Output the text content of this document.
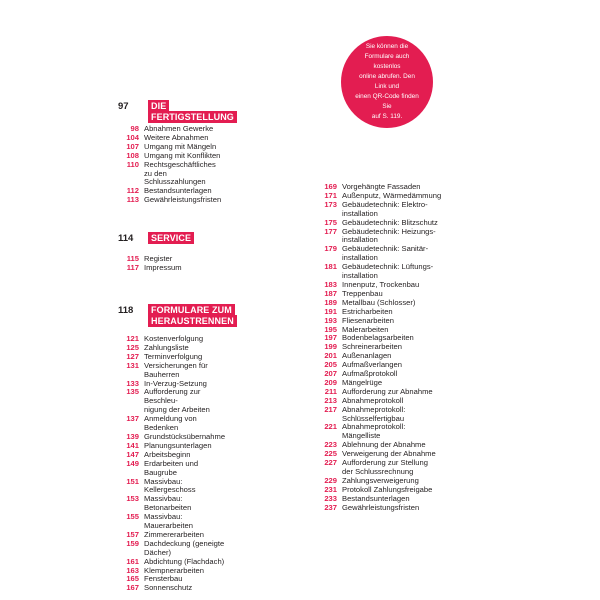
Sie können die
Formulare auch kostenlos
online abrufen. Den Link und
einen QR-Code finden Sie
auf S. 119.
97	DIE FERTIGSTELLUNG
98 Abnahmen Gewerke
104 Weitere Abnahmen
107 Umgang mit Mängeln
108 Umgang mit Konflikten
110 Rechtsgeschäftliches zu den
Schlusszahlungen
112 Bestandsunterlagen
113 Gewährleistungsfristen
114	SERVICE
115 Register
117 Impressum
118	FORMULARE ZUM
HERAUSTRENNEN
121 Kostenverfolgung
125 Zahlungsliste
127 Terminverfolgung
131 Versicherungen für Bauherren
133 In-Verzug-Setzung
135 Aufforderung zur Beschleu-
nigung der Arbeiten
137 Anmeldung von Bedenken
139 Grundstücksübernahme
141 Planungsunterlagen
147 Arbeitsbeginn
149 Erdarbeiten und Baugrube
151 Massivbau: Kellergeschoss
153 Massivbau: Betonarbeiten
155 Massivbau: Mauerarbeiten
157 Zimmererarbeiten
159 Dachdeckung (geneigte
Dächer)
161 Abdichtung (Flachdach)
163 Klempnerarbeiten
165 Fensterbau
167 Sonnenschutz
169 Vorgehängte Fassaden
171 Außenputz, Wärmedämmung
173 Gebäudetechnik: Elektro-
installation
175 Gebäudetechnik: Blitzschutz
177 Gebäudetechnik: Heizungs-
installation
179 Gebäudetechnik: Sanitär-
installation
181 Gebäudetechnik: Lüftungs-
installation
183 Innenputz, Trockenbau
187 Treppenbau
189 Metallbau (Schlosser)
191 Estricharbeiten
193 Fliesenarbeiten
195 Malerarbeiten
197 Bodenbelagsarbeiten
199 Schreinerarbeiten
201 Außenanlagen
205 Aufmaßverlangen
207 Aufmaßprotokoll
209 Mängelrüge
211 Aufforderung zur Abnahme
213 Abnahmeprotokoll
217 Abnahmeprotokoll:
Schlüsselfertigbau
221 Abnahmeprotokoll:
Mängelliste
223 Ablehnung der Abnahme
225 Verweigerung der Abnahme
227 Aufforderung zur Stellung
der Schlussrechnung
229 Zahlungsverweigerung
231 Protokoll Zahlungsfreigabe
233 Bestandsunterlagen
237 Gewährleistungsfristen
